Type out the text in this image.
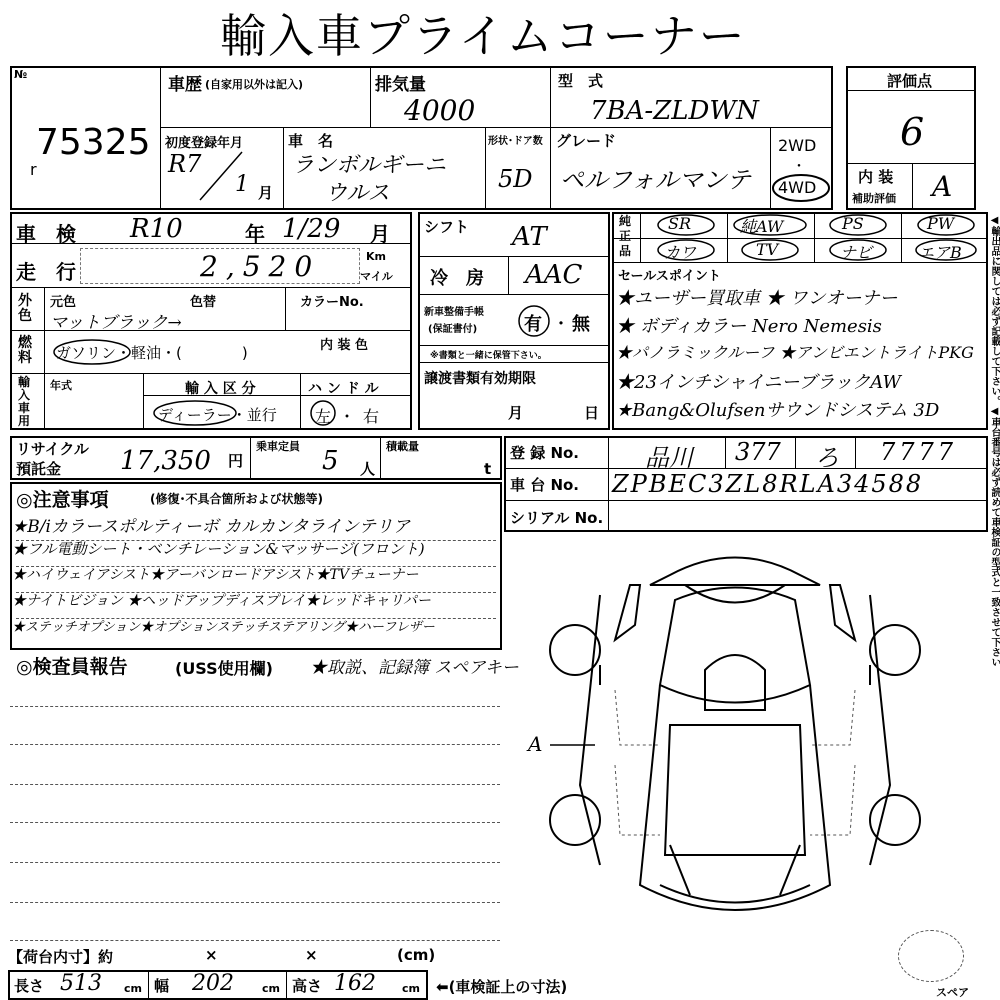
輸入車プライムコーナー
№
75325
r
車歴 (自家用以外は記入)	排気量
4000
型　式
7BA-ZLDWN
初度登録年月
R7
1 月
車　名
ランボルギーニ
ウルス
形状･ドア数
5D
グレード
ペルフォルマンテ
2WD
・
4WD
評価点
6
内 装
補助評価 A
車　検 R10	年 1/29 月
走　行	2,520	Km
マイル
外色
元色	色替
マットブラック→
カラーNo.
燃料 ガソリン・軽油・(　　　　)	内 装 色
輸入車用
年式	輸 入 区 分
ディーラー・並行
ハ ン ド ル
左・右
シフト AT
冷　房 AAC
新車整備手帳
(保証書付)	有 ・ 無
※書類と一緒に保管下さい。
譲渡書類有効期限
月	日
純正品
SR	純AW	PS	PW
カワ	TV	ナビ	エアB
セールスポイント
★ユーザー買取車 ★ ワンオーナー
★ ボディカラー Nero Nemesis
★パノラミックルーフ ★アンビエントライトPKG
★23インチシャイニーブラックAW
★Bang&Olufsenサウンドシステム 3D
リサイクル
預託金 17,350 円
乗車定員 5 人
積載量
t
登 録 No.	品川 377 ろ 7777
車 台 No. ZPBEC3ZL8RLA34588
シリアル No.
◎注意事項	(修復･不具合箇所および状態等)
★B/iカラースポルティーボ カルカンタラインテリア
★フル電動シート・ベンチレーション&マッサージ(フロント)
★ハイウェイアシスト★アーバンロードアシスト★TVチューナー
★ナイトビジョン ★ヘッドアップディスプレイ★レッドキャリパー
★ステッチオプション★オプションステッチステアリング★ハーフレザー
◎検査員報告	(USS使用欄) ★取説、記録簿 スペアキー
A
スペア
【荷台内寸】約	×	×	(cm)
長さ 513 cm 幅 202	cm 高さ 162 cm ⬅(車検証上の寸法)
◀輸出品に関しては必ず記載して下さい。◀車台番号は必ず読めて車検証の型式と一致させて下さい
